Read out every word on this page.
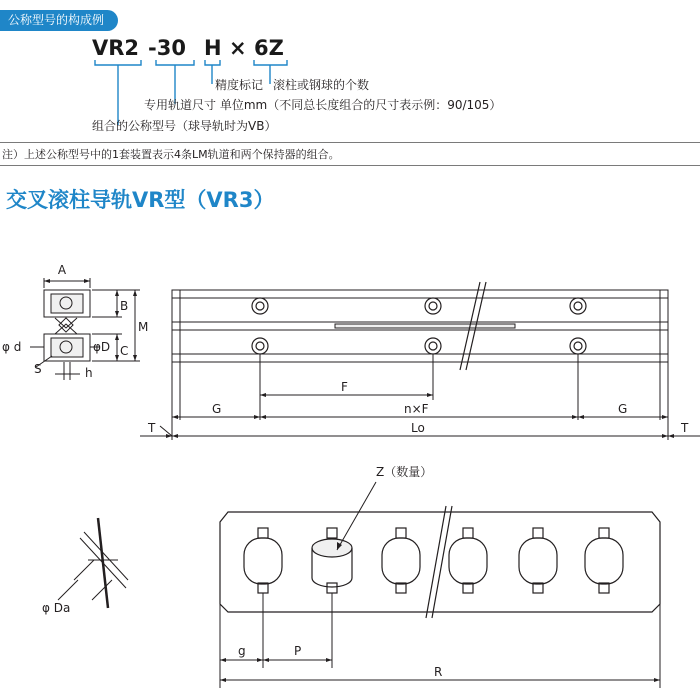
公称型号的构成例
VR2 -30 H × 6Z
精度标记 滚柱或钢球的个数
专用轨道尺寸 单位mm（不同总长度组合的尺寸表示例：90/105）
组合的公称型号（球导轨时为VB）
注）上述公称型号中的1套装置表示4条LM轨道和两个保持器的组合。
交叉滚柱导轨VR型（VR3）
A
B
C
M
φ d	φD
S	h
F
G	n×F	G
T	T
Lo
Z（数量）
φ Da
g	P
R
